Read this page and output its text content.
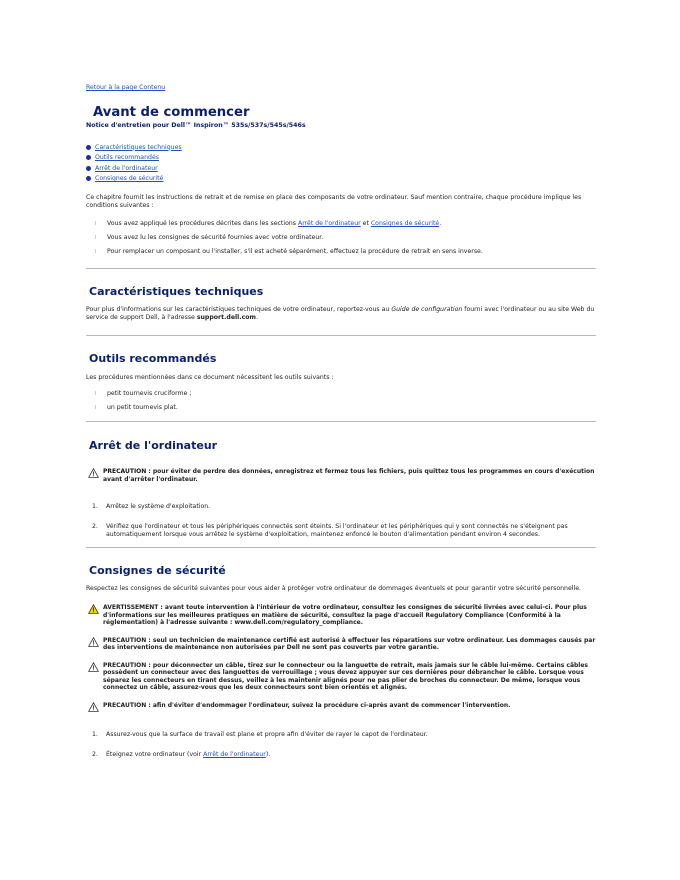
Retour à la page Contenu
Avant de commencer
Notice d'entretien pour Dell™ Inspiron™ 535s/537s/545s/546s
Caractéristiques techniques
Outils recommandés
Arrêt de l'ordinateur
Consignes de sécurité

Ce chapitre fournit les instructions de retrait et de remise en place des composants de votre ordinateur. Sauf mention contraire, chaque procédure implique les conditions suivantes :

l Vous avez appliqué les procédures décrites dans les sections Arrêt de l'ordinateur et Consignes de sécurité.
l Vous avez lu les consignes de sécurité fournies avec votre ordinateur.
l Pour remplacer un composant ou l'installer, s'il est acheté séparément, effectuez la procédure de retrait en sens inverse.
Caractéristiques techniques

Pour plus d'informations sur les caractéristiques techniques de votre ordinateur, reportez-vous au Guide de configuration fourni avec l'ordinateur ou au site Web du service de support Dell, à l'adresse support.dell.com.

Outils recommandés

Les procédures mentionnées dans ce document nécessitent les outils suivants :

l petit tournevis cruciforme ;
l un petit tournevis plat.
Arrêt de l'ordinateur
PRECAUTION : pour éviter de perdre des données, enregistrez et fermez tous les fichiers, puis quittez tous les programmes en cours d'exécution avant d'arrêter l'ordinateur.
1. Arrêtez le système d'exploitation.
2. Vérifiez que l'ordinateur et tous les périphériques connectés sont éteints. Si l'ordinateur et les périphériques qui y sont connectés ne s'éteignent pas automatiquement lorsque vous arrêtez le système d'exploitation, maintenez enfoncé le bouton d'alimentation pendant environ 4 secondes.
Consignes de sécurité

Respectez les consignes de sécurité suivantes pour vous aider à protéger votre ordinateur de dommages éventuels et pour garantir votre sécurité personnelle.

AVERTISSEMENT : avant toute intervention à l'intérieur de votre ordinateur, consultez les consignes de sécurité livrées avec celui-ci. Pour plus d'informations sur les meilleures pratiques en matière de sécurité, consultez la page d'accueil Regulatory Compliance (Conformité à la réglementation) à l'adresse suivante : www.dell.com/regulatory_compliance.
PRECAUTION : seul un technicien de maintenance certifié est autorisé à effectuer les réparations sur votre ordinateur. Les dommages causés par des interventions de maintenance non autorisées par Dell ne sont pas couverts par votre garantie.
PRECAUTION : pour déconnecter un câble, tirez sur le connecteur ou la languette de retrait, mais jamais sur le câble lui-même. Certains câbles possèdent un connecteur avec des languettes de verrouillage ; vous devez appuyer sur ces dernières pour débrancher le câble. Lorsque vous séparez les connecteurs en tirant dessus, veillez à les maintenir alignés pour ne pas plier de broches du connecteur. De même, lorsque vous connectez un câble, assurez-vous que les deux connecteurs sont bien orientés et alignés.
PRECAUTION : afin d'éviter d'endommager l'ordinateur, suivez la procédure ci-après avant de commencer l'intervention.
1. Assurez-vous que la surface de travail est plane et propre afin d'éviter de rayer le capot de l'ordinateur.
2. Éteignez votre ordinateur (voir Arrêt de l'ordinateur).
